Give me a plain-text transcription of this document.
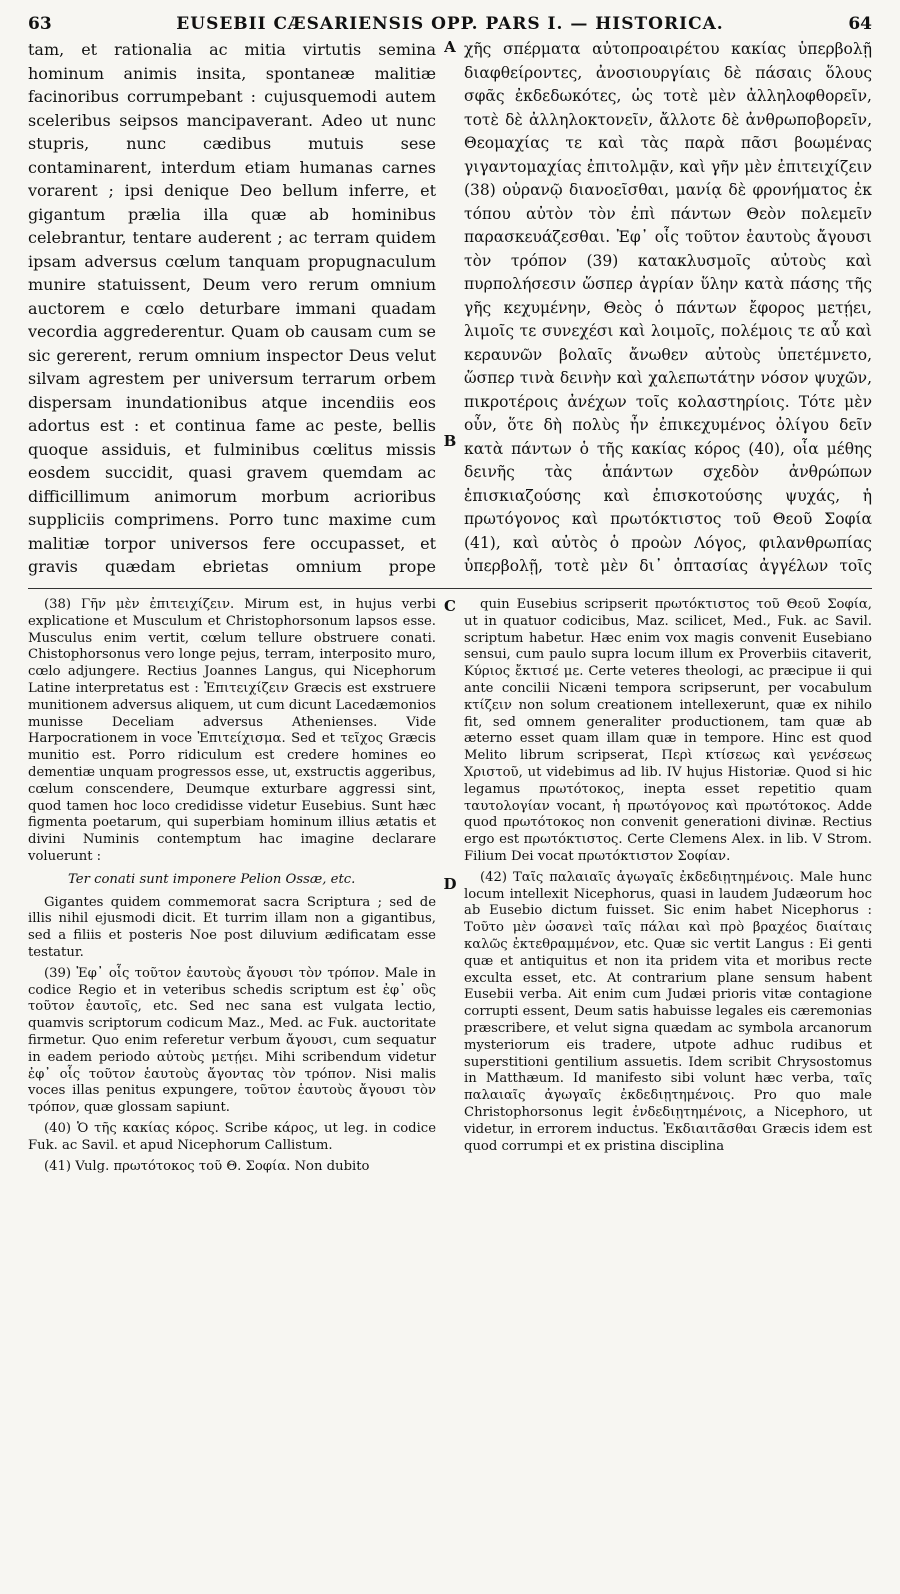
63	EUSEBII CÆSARIENSIS OPP. PARS I. — HISTORICA.	64
tam, et rationalia ac mitia virtutis semina hominum animis insita, spontaneæ malitiæ facinoribus corrumpebant : cujusquemodi autem sceleribus seipsos mancipaverant. Adeo ut nunc stupris, nunc cædibus mutuis sese contaminarent, interdum etiam humanas carnes vorarent ; ipsi denique Deo bellum inferre, et gigantum prælia illa quæ ab hominibus celebrantur, tentare auderent ; ac terram quidem ipsam adversus cœlum tanquam propugnaculum munire statuissent, Deum vero rerum omnium auctorem e cœlo deturbare immani quadam vecordia aggrederentur. Quam ob causam cum se sic gererent, rerum omnium inspector Deus velut silvam agrestem per universum terrarum orbem dispersam inundationibus atque incendiis eos adortus est : et continua fame ac peste, bellis quoque assiduis, et fulminibus cœlitus missis eosdem succidit, quasi gravem quemdam ac difficillimum animorum morbum acrioribus suppliciis comprimens. Porro tunc maxime cum malitiæ torpor universos fere occupasset, et gravis quædam ebrietas omnium prope
A
B
χῆς σπέρματα αὐτοπροαιρέτου κακίας ὑπερβολῇ διαφθείροντες, ἀνοσιουργίαις δὲ πάσαις ὅλους σφᾶς ἐκδεδωκότες, ὡς τοτὲ μὲν ἀλληλοφθορεῖν, τοτὲ δὲ ἀλληλοκτονεῖν, ἄλλοτε δὲ ἀνθρωποβορεῖν, Θεομαχίας τε καὶ τὰς παρὰ πᾶσι βοωμένας γιγαντομαχίας ἐπιτολμᾷν, καὶ γῆν μὲν ἐπιτειχίζειν (38) οὐρανῷ διανοεῖσθαι, μανίᾳ δὲ φρονήματος ἐκ τόπου αὐτὸν τὸν ἐπὶ πάντων Θεὸν πολεμεῖν παρασκευάζεσθαι. Ἐφ᾽ οἷς τοῦτον ἑαυτοὺς ἄγουσι τὸν τρόπον (39) κατακλυσμοῖς αὐτοὺς καὶ πυρπολήσεσιν ὥσπερ ἀγρίαν ὕλην κατὰ πάσης τῆς γῆς κεχυμένην, Θεὸς ὁ πάντων ἔφορος μετῄει, λιμοῖς τε συνεχέσι καὶ λοιμοῖς, πολέμοις τε αὖ καὶ κεραυνῶν βολαῖς ἄνωθεν αὐτοὺς ὑπετέμνετο, ὥσπερ τινὰ δεινὴν καὶ χαλεπωτάτην νόσον ψυχῶν, πικροτέροις ἀνέχων τοῖς κολαστηρίοις. Τότε μὲν οὖν, ὅτε δὴ πολὺς ἦν ἐπικεχυμένος ὀλίγου δεῖν κατὰ πάντων ὁ τῆς κακίας κόρος (40), οἷα μέθης δεινῆς τὰς ἁπάντων σχεδὸν ἀνθρώπων ἐπισκιαζούσης καὶ ἐπισκοτούσης ψυχάς, ἡ πρωτόγονος καὶ πρωτόκτιστος τοῦ Θεοῦ Σοφία (41), καὶ αὐτὸς ὁ προὼν Λόγος, φιλανθρωπίας ὑπερβολῇ, τοτὲ μὲν δι᾽ ὀπτασίας ἀγγέλων τοῖς

(38) Γῆν μὲν ἐπιτειχίζειν. Mirum est, in hujus verbi explicatione et Musculum et Christophorsonum lapsos esse. Musculus enim vertit, cœlum tellure obstruere conati. Chistophorsonus vero longe pejus, terram, interposito muro, cœlo adjungere. Rectius Joannes Langus, qui Nicephorum Latine interpretatus est : Ἐπιτειχίζειν Græcis est exstruere munitionem adversus aliquem, ut cum dicunt Lacedæmonios munisse Deceliam adversus Athenienses. Vide Harpocrationem in voce Ἐπιτείχισμα. Sed et τεῖχος Græcis munitio est. Porro ridiculum est credere homines eo dementiæ unquam progressos esse, ut, exstructis aggeribus, cœlum conscendere, Deumque exturbare aggressi sint, quod tamen hoc loco credidisse videtur Eusebius. Sunt hæc figmenta poetarum, qui superbiam hominum illius ætatis et divini Numinis contemptum hac imagine declarare voluerunt :

Ter conati sunt imponere Pelion Ossæ, etc.

Gigantes quidem commemorat sacra Scriptura ; sed de illis nihil ejusmodi dicit. Et turrim illam non a gigantibus, sed a filiis et posteris Noe post diluvium ædificatam esse testatur.

(39) Ἐφ᾽ οἷς τοῦτον ἑαυτοὺς ἄγουσι τὸν τρόπον. Male in codice Regio et in veteribus schedis scriptum est ἐφ᾽ οὓς τοῦτον ἑαυτοῖς, etc. Sed nec sana est vulgata lectio, quamvis scriptorum codicum Maz., Med. ac Fuk. auctoritate firmetur. Quo enim referetur verbum ἄγουσι, cum sequatur in eadem periodo αὐτοὺς μετῄει. Mihi scribendum videtur ἐφ᾽ οἷς τοῦτον ἑαυτοὺς ἄγοντας τὸν τρόπον. Nisi malis voces illas penitus expungere, τοῦτον ἑαυτοὺς ἄγουσι τὸν τρόπον, quæ glossam sapiunt.

(40) Ὁ τῆς κακίας κόρος. Scribe κάρος, ut leg. in codice Fuk. ac Savil. et apud Nicephorum Callistum.

(41) Vulg. πρωτότοκος τοῦ Θ. Σοφία. Non dubito

C
D

quin Eusebius scripserit πρωτόκτιστος τοῦ Θεοῦ Σοφία, ut in quatuor codicibus, Maz. scilicet, Med., Fuk. ac Savil. scriptum habetur. Hæc enim vox magis convenit Eusebiano sensui, cum paulo supra locum illum ex Proverbiis citaverit, Κύριος ἔκτισέ με. Certe veteres theologi, ac præcipue ii qui ante concilii Nicæni tempora scripserunt, per vocabulum κτίζειν non solum creationem intellexerunt, quæ ex nihilo fit, sed omnem generaliter productionem, tam quæ ab æterno esset quam illam quæ in tempore. Hinc est quod Melito librum scripserat, Περὶ κτίσεως καὶ γενέσεως Χριστοῦ, ut videbimus ad lib. IV hujus Historiæ. Quod si hic legamus πρωτότοκος, inepta esset repetitio quam ταυτολογίαν vocant, ἡ πρωτόγονος καὶ πρωτότοκος. Adde quod πρωτότοκος non convenit generationi divinæ. Rectius ergo est πρωτόκτιστος. Certe Clemens Alex. in lib. V Strom. Filium Dei vocat πρωτόκτιστον Σοφίαν.

(42) Ταῖς παλαιαῖς ἀγωγαῖς ἐκδεδιῃτημένοις. Male hunc locum intellexit Nicephorus, quasi in laudem Judæorum hoc ab Eusebio dictum fuisset. Sic enim habet Nicephorus : Τοῦτο μὲν ὡσανεὶ ταῖς πάλαι καὶ πρὸ βραχέος διαίταις καλῶς ἐκτεθραμμένον, etc. Quæ sic vertit Langus : Ei genti quæ et antiquitus et non ita pridem vita et moribus recte exculta esset, etc. At contrarium plane sensum habent Eusebii verba. Ait enim cum Judæi prioris vitæ contagione corrupti essent, Deum satis habuisse legales eis cæremonias præscribere, et velut signa quædam ac symbola arcanorum mysteriorum eis tradere, utpote adhuc rudibus et superstitioni gentilium assuetis. Idem scribit Chrysostomus in Matthæum. Id manifesto sibi volunt hæc verba, ταῖς παλαιαῖς ἀγωγαῖς ἐκδεδιῃτημένοις. Pro quo male Christophorsonus legit ἐνδεδιῃτημένοις, a Nicephoro, ut videtur, in errorem inductus. Ἐκδιαιτᾶσθαι Græcis idem est quod corrumpi et ex pristina disciplina
